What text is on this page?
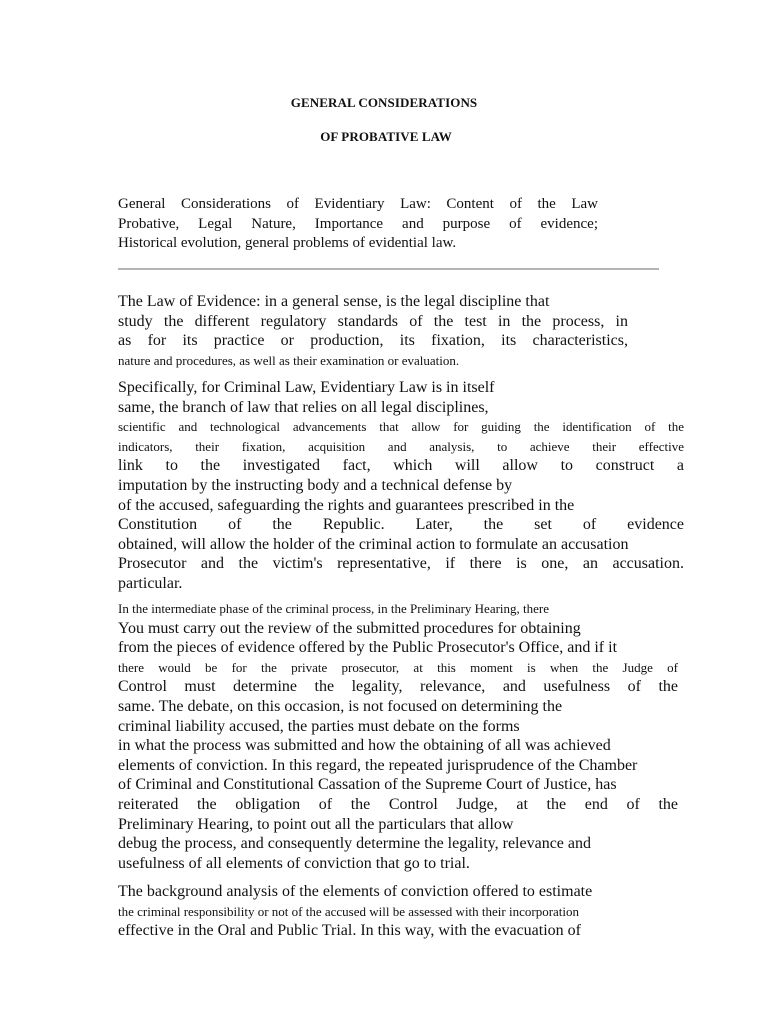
GENERAL CONSIDERATIONS
OF PROBATIVE LAW
General Considerations of Evidentiary Law: Content of the Law
Probative, Legal Nature, Importance and purpose of evidence;
Historical evolution, general problems of evidential law.
The Law of Evidence: in a general sense, is the legal discipline that
study the different regulatory standards of the test in the process, in
as for its practice or production, its fixation, its characteristics,
nature and procedures, as well as their examination or evaluation.
Specifically, for Criminal Law, Evidentiary Law is in itself
same, the branch of law that relies on all legal disciplines,
scientific and technological advancements that allow for guiding the identification of the
indicators, their fixation, acquisition and analysis, to achieve their effective
link to the investigated fact, which will allow to construct a
imputation by the instructing body and a technical defense by
of the accused, safeguarding the rights and guarantees prescribed in the
Constitution of the Republic. Later, the set of evidence
obtained, will allow the holder of the criminal action to formulate an accusation
Prosecutor and the victim's representative, if there is one, an accusation.
particular.
In the intermediate phase of the criminal process, in the Preliminary Hearing, there
You must carry out the review of the submitted procedures for obtaining
from the pieces of evidence offered by the Public Prosecutor's Office, and if it
there would be for the private prosecutor, at this moment is when the Judge of
Control must determine the legality, relevance, and usefulness of the
same. The debate, on this occasion, is not focused on determining the
criminal liability accused, the parties must debate on the forms
in what the process was submitted and how the obtaining of all was achieved
elements of conviction. In this regard, the repeated jurisprudence of the Chamber
of Criminal and Constitutional Cassation of the Supreme Court of Justice, has
reiterated the obligation of the Control Judge, at the end of the
Preliminary Hearing, to point out all the particulars that allow
debug the process, and consequently determine the legality, relevance and
usefulness of all elements of conviction that go to trial.
The background analysis of the elements of conviction offered to estimate
the criminal responsibility or not of the accused will be assessed with their incorporation
effective in the Oral and Public Trial. In this way, with the evacuation of
